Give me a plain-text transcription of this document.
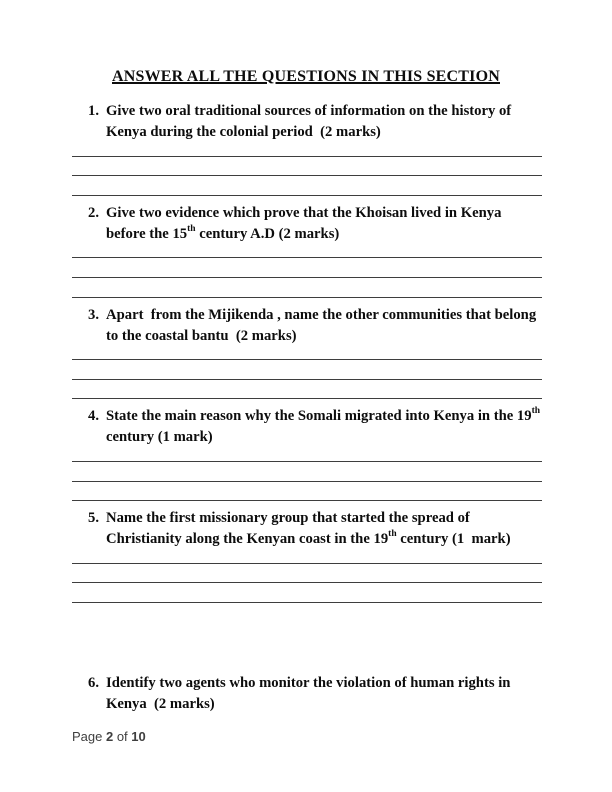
ANSWER ALL THE QUESTIONS IN THIS SECTION
1. Give two oral traditional sources of information on the history of Kenya during the colonial period  (2 marks)
2. Give two evidence which prove that the Khoisan lived in Kenya before the 15th century A.D (2 marks)
3. Apart  from the Mijikenda , name the other communities that belong to the coastal bantu  (2 marks)
4. State the main reason why the Somali migrated into Kenya in the 19th century (1 mark)
5. Name the first missionary group that started the spread of Christianity along the Kenyan coast in the 19th century (1  mark)
6. Identify two agents who monitor the violation of human rights in Kenya  (2 marks)
Page 2 of 10
